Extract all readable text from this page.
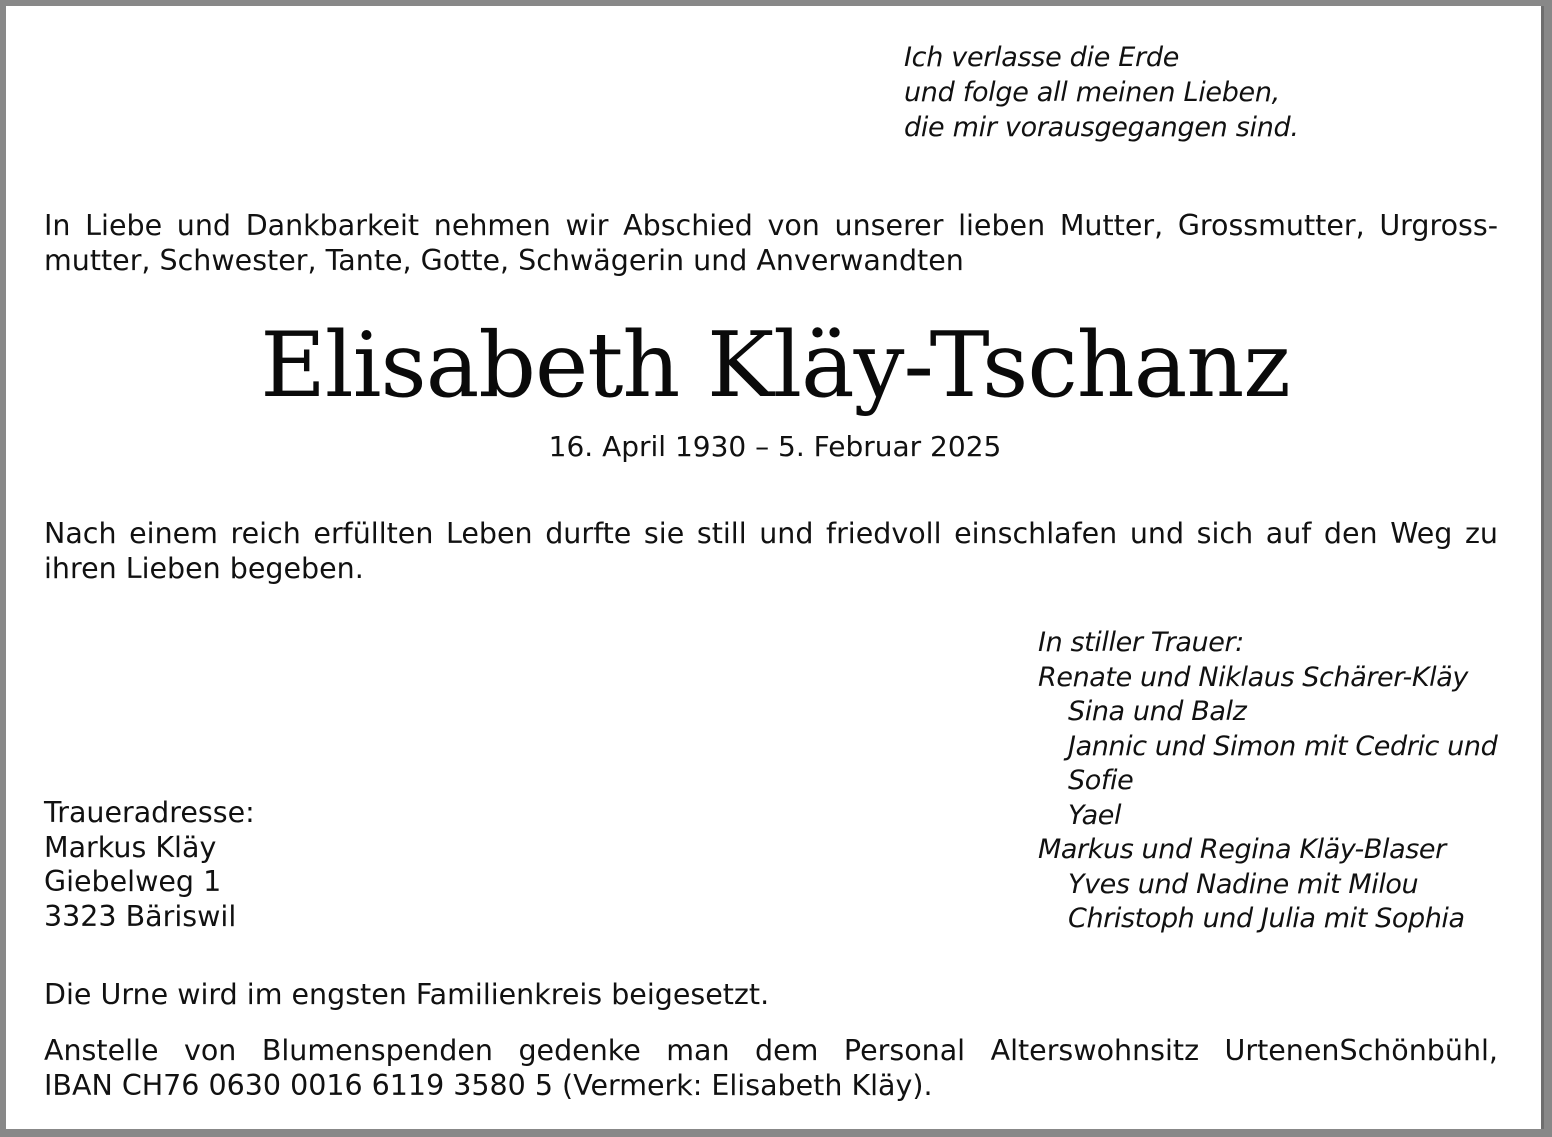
Ich verlasse die Erde
und folge all meinen Lieben,
die mir vorausgegangen sind.
In Liebe und Dankbarkeit nehmen wir Abschied von unserer lieben Mutter, Grossmutter, Urgross-
mutter, Schwester, Tante, Gotte, Schwägerin und Anverwandten
Elisabeth Kläy-Tschanz
16. April 1930 – 5. Februar 2025
Nach einem reich erfüllten Leben durfte sie still und friedvoll einschlafen und sich auf den Weg zu
ihren Lieben begeben.
In stiller Trauer:
Renate und Niklaus Schärer-Kläy
Sina und Balz
Jannic und Simon mit Cedric und
Sofie
Yael
Markus und Regina Kläy-Blaser
Yves und Nadine mit Milou
Christoph und Julia mit Sophia
Traueradresse:
Markus Kläy
Giebelweg 1
3323 Bäriswil
Die Urne wird im engsten Familienkreis beigesetzt.
Anstelle von Blumenspenden gedenke man dem Personal Alterswohnsitz UrtenenSchönbühl,
IBAN CH76 0630 0016 6119 3580 5 (Vermerk: Elisabeth Kläy).
